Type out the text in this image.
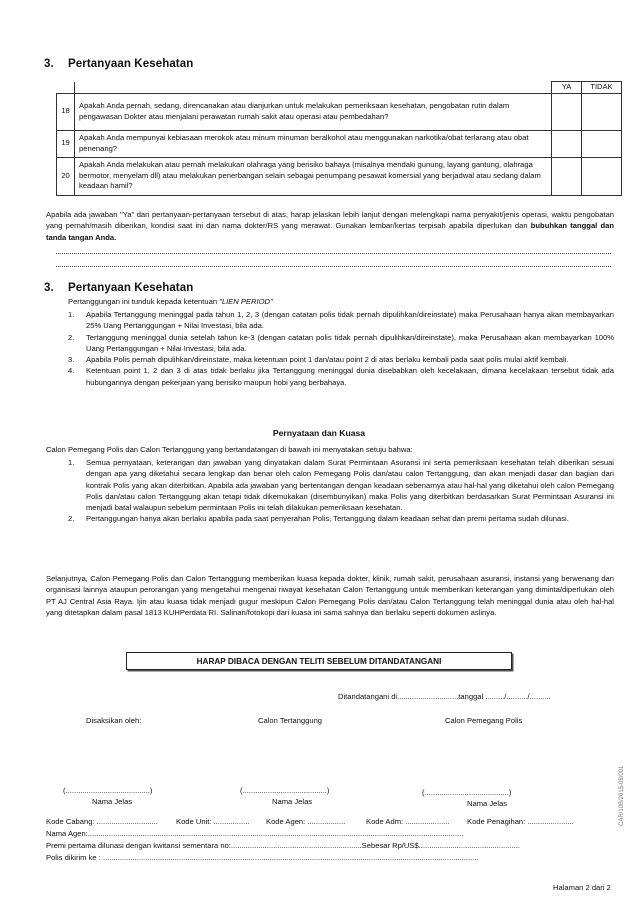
3. Pertanyaan Kesehatan
		YA	TIDAK
18	Apakah Anda pernah, sedang, direncanakan atau dianjurkan untuk melakukan pemeriksaan kesehatan, pengobatan rutin dalam pengawasan Dokter atau menjalani perawatan rumah sakit atau operasi atau pembedahan?		
19	Apakah Anda mempunyai kebiasaan merokok atau minum minuman beralkohol atau menggunakan narkotika/obat terlarang atau obat penenang?		
20	Apakah Anda melakukan atau pernah melakukan olahraga yang berisiko bahaya (misalnya mendaki gunung, layang gantung, olahraga bermotor, menyelam dll) atau melakukan penerbangan selain sebagai penumpang pesawat komersial yang berjadwal atau sedang dalam keadaan hamil?		
Apabila ada jawaban "Ya" dari pertanyaan-pertanyaan tersebut di atas, harap jelaskan lebih lanjut dengan melengkapi nama penyakit/jenis operasi, waktu pengobatan yang pernah/masih diberikan, kondisi saat ini dan nama dokter/RS yang merawat. Gunakan lembar/kertas terpisah apabila diperlukan dan bubuhkan tanggal dan tanda tangan Anda.
3. Pertanyaan Kesehatan
Pertanggungan ini tunduk kepada ketentuan "LIEN PERIOD"
1. Apabila Tertanggung meninggal pada tahun 1, 2, 3 (dengan catatan polis tidak pernah dipulihkan/direinstate) maka Perusahaan hanya akan membayarkan 25% Uang Pertanggungan + Nilai Investasi, bila ada.
2. Tertanggung meninggal dunia setelah tahun ke-3 (dengan catatan polis tidak pernah dipulihkan/direinstate), maka Perusahaan akan membayarkan 100% Uang Pertanggungan + Nilai Investasi, bila ada.
3. Apabila Polis pernah dipulihkan/direinstate, maka ketentuan point 1 dan/atau point 2 di atas berlaku kembali pada saat polis mulai aktif kembali.
4. Ketentuan point 1, 2 dan 3 di atas tidak berlaku jika Tertanggung meninggal dunia disebabkan oleh kecelakaan, dimana kecelakaan tersebut tidak ada hubungannya dengan pekerjaan yang berisiko maupun hobi yang berbahaya.
Pernyataan dan Kuasa
Calon Pemegang Polis dan Calon Tertanggung yang bertandatangan di bawah ini menyatakan setuju bahwa:
1. Semua pernyataan, keterangan dan jawaban yang dinyatakan dalam Surat Permintaan Asuransi ini serta pemeriksaan kesehatan telah diberikan sesuai dengan apa yang diketahui secara lengkap dan benar oleh calon Pemegang Polis dan/atau calon Tertanggung, dan akan menjadi dasar dan bagian dari kontrak Polis yang akan diterbitkan. Apabila ada jawaban yang bertentangan dengan keadaan sebenarnya atau hal-hal yang diketahui oleh calon Pemegang Polis dan/atau calon Tertanggung akan tetapi tidak dikemukakan (disembunyikan) maka Polis yang diterbitkan berdasarkan Surat Permintaan Asuransi ini menjadi batal walaupun sebelum permintaan Polis ini telah dilakukan pemeriksaan kesehatan.
2. Pertanggungan hanya akan berlaku apabila pada saat penyerahan Polis, Tertanggung dalam keadaan sehat dan premi pertama sudah dilunasi.
Selanjutnya, Calon Pemegang Polis dan Calon Tertanggung memberikan kuasa kepada dokter, klinik, rumah sakit, perusahaan asuransi, instansi yang berwenang dan organisasi lainnya ataupun perorangan yang mengetahui mengenai riwayat kesehatan Calon Tertanggung untuk memberikan keterangan yang diminta/diperlukan oleh PT AJ Central Asia Raya. Ijin atau kuasa tidak menjadi gugur meskipun Calon Pemegang Polis dan/atau Calon Tertanggung telah meninggal dunia atau oleh hal-hal yang ditetapkan dalam pasal 1813 KUHPerdata RI. Salinan/fotokopi dari kuasa ini sama sahnya dan berlaku seperti dokumen aslinya.
HARAP DIBACA DENGAN TELITI SEBELUM DITANDATANGANI
Ditandatangani di.............................tanggal ........./........../..........
Disaksikan oleh:	Calon Tertanggung	Calon Pemegang Polis
(........................................)	(........................................)	(........................................)
Nama Jelas	Nama Jelas	Nama Jelas
Kode Cabang: ............................. Kode Unit: ................. Kode Agen: ..................	Kode Adm: ..................... Kode Penagihan: ......................
Nama Agen:..................................................................................................................................................................................
Premi pertama dilunasi dengan kwitansi sementara no:..............................................................Sebesar Rp/US$................................................
Polis dikirim ke : ..................................................................................................................................................................................
CAR/10B/2015-08/001
Halaman 2 dari 2
